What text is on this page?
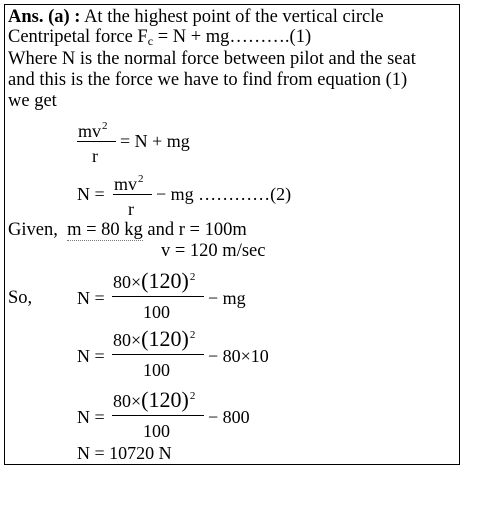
Ans. (a) : At the highest point of the vertical circle
Centripetal force $F_c = N$ + mg……….(1)
Where N is the normal force between pilot and the seat
and this is the force we have to find from equation (1)
we get
$mv^2$
r
= N + mg
$N = mv^2$
r
− mg …………(2)
Given, m = 80 kg and r = 100m
v = 120 m/sec
So, N =
$80\times(120)^2$
100
− mg
N =
$80\times(120)^2$
100
− 80×10
N =
$80\times(120)^2$
100
− 800
N = 10720 N
